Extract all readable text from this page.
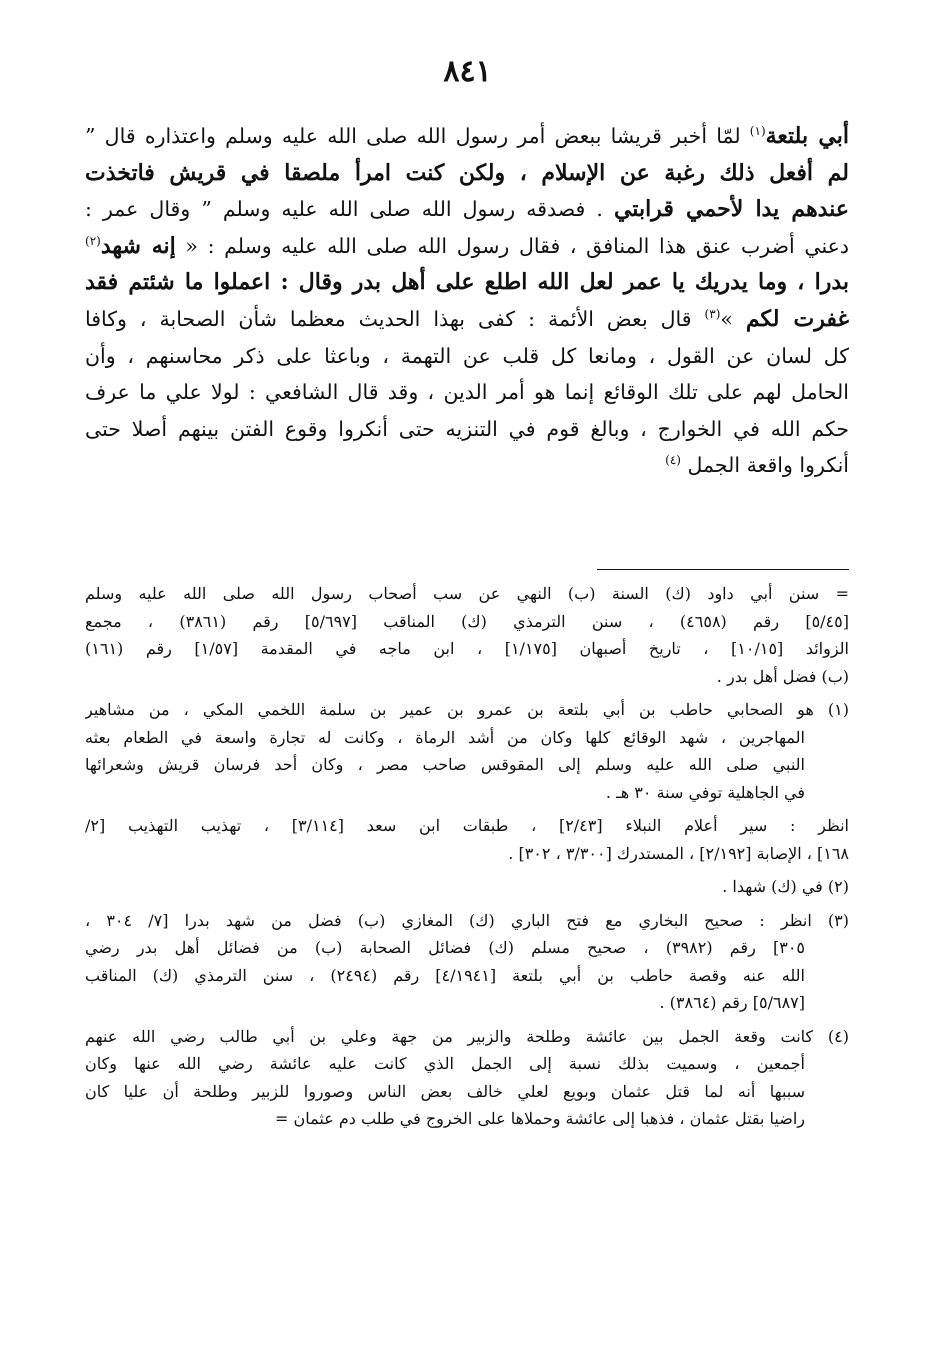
٨٤١
أبي بلتعة$^{(١)}$ لمّا أخبر قريشا ببعض أمر رسول الله صلى الله عليه وسلم واعتذاره قال ”
لم أفعل ذلك رغبة عن الإسلام ، ولكن كنت امرأ ملصقا في قريش فاتخذت
عندهم يدا لأحمي قرابتي . فصدقه رسول الله صلى الله عليه وسلم ” وقال عمر :
دعني أضرب عنق هذا المنافق ، فقال رسول الله صلى الله عليه وسلم : « إنه شهد$^{(٢)}$
بدرا ، وما يدريك يا عمر لعل الله اطلع على أهل بدر وقال : اعملوا ما شئتم فقد
غفرت لكم »$^{(٣)}$ قال بعض الأئمة : كفى بهذا الحديث معظما شأن الصحابة ، وكافا
كل لسان عن القول ، ومانعا كل قلب عن التهمة ، وباعثا على ذكر محاسنهم ، وأن
الحامل لهم على تلك الوقائع إنما هو أمر الدين ، وقد قال الشافعي : لولا علي ما عرف
حكم الله في الخوارج ، وبالغ قوم في التنزيه حتى أنكروا وقوع الفتن بينهم أصلا حتى
أنكروا واقعة الجمل $^{(٤)}$
= سنن أبي داود (ك) السنة (ب) النهي عن سب أصحاب رسول الله صلى الله عليه وسلم
[٥/٤٥] رقم (٤٦٥٨) ، سنن الترمذي (ك) المناقب [٥/٦٩٧] رقم (٣٨٦١) ، مجمع
الزوائد [١٠/١٥] ، تاريخ أصبهان [١/١٧٥] ، ابن ماجه في المقدمة [١/٥٧] رقم (١٦١)
(ب) فضل أهل بدر .
(١) هو الصحابي حاطب بن أبي بلتعة بن عمرو بن عمير بن سلمة اللخمي المكي ، من مشاهير
المهاجرين ، شهد الوقائع كلها وكان من أشد الرماة ، وكانت له تجارة واسعة في الطعام بعثه
النبي صلى الله عليه وسلم إلى المقوقس صاحب مصر ، وكان أحد فرسان قريش وشعرائها
في الجاهلية توفي سنة ٣٠ هـ .
انظر : سير أعلام النبلاء [٢/٤٣] ، طبقات ابن سعد [٣/١١٤] ، تهذيب التهذيب [٢/
١٦٨] ، الإصابة [٢/١٩٢] ، المستدرك [٣/٣٠٠ ، ٣٠٢] .
(٢) في (ك) شهدا .
(٣) انظر : صحيح البخاري مع فتح الباري (ك) المغازي (ب) فضل من شهد بدرا [٧/ ٣٠٤ ،
٣٠٥] رقم (٣٩٨٢) ، صحيح مسلم (ك) فضائل الصحابة (ب) من فضائل أهل بدر رضي
الله عنه وقصة حاطب بن أبي بلتعة [٤/١٩٤١] رقم (٢٤٩٤) ، سنن الترمذي (ك) المناقب
[٥/٦٨٧] رقم (٣٨٦٤) .
(٤) كانت وقعة الجمل بين عائشة وطلحة والزبير من جهة وعلي بن أبي طالب رضي الله عنهم
أجمعين ، وسميت بذلك نسبة إلى الجمل الذي كانت عليه عائشة رضي الله عنها وكان
سببها أنه لما قتل عثمان وبويع لعلي خالف بعض الناس وصوروا للزبير وطلحة أن عليا كان
راضيا بقتل عثمان ، فذهبا إلى عائشة وحملاها على الخروج في طلب دم عثمان =
